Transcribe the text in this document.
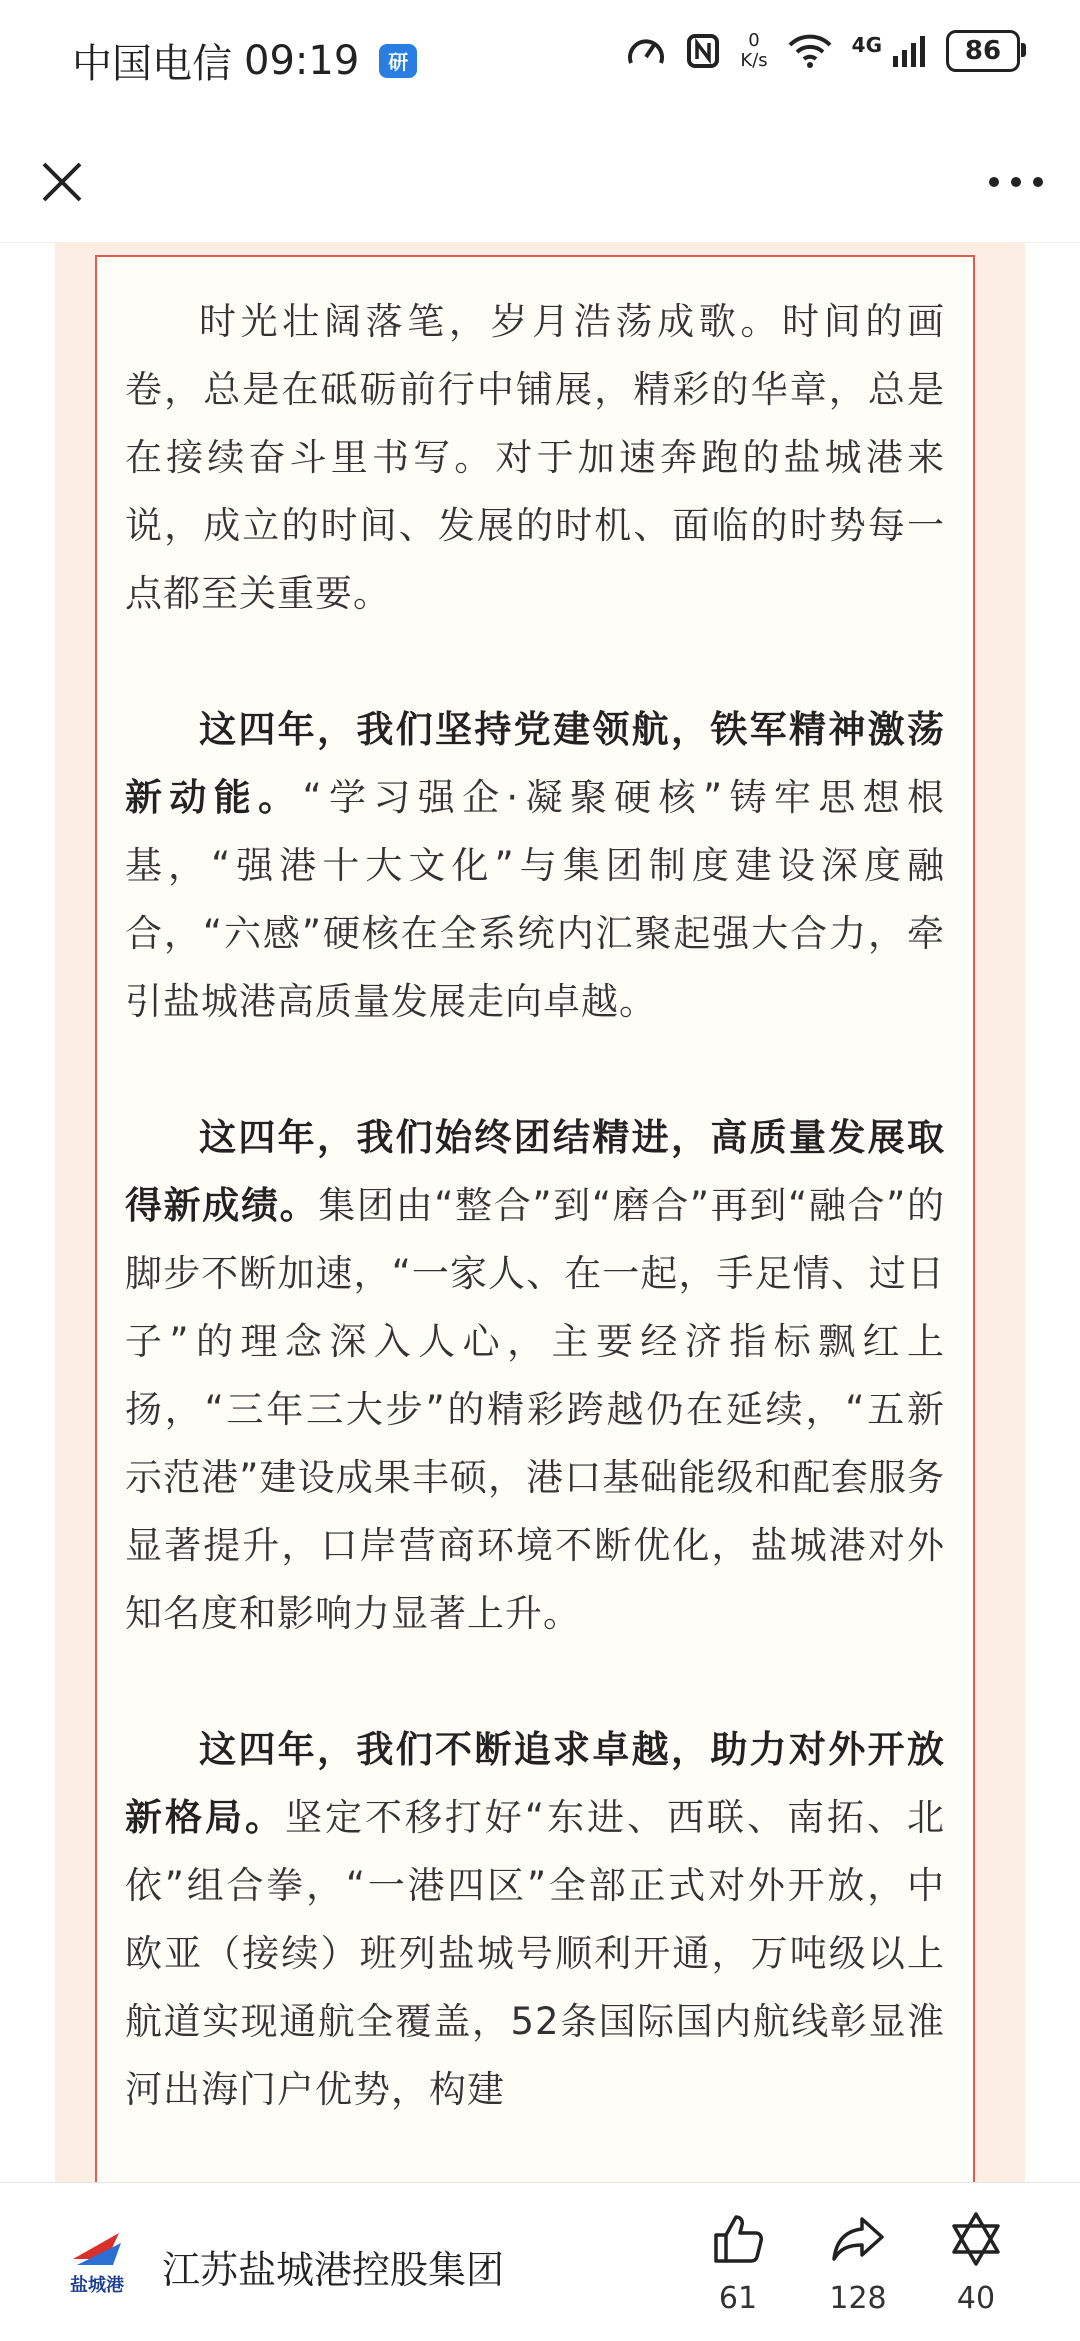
中国电信 09:19	研
0
K/s
4G	86

时光壮阔落笔，岁月浩荡成歌。时间的画卷，总是在砥砺前行中铺展，精彩的华章，总是在接续奋斗里书写。对于加速奔跑的盐城港来说，成立的时间、发展的时机、面临的时势每一点都至关重要。

这四年，我们坚持党建领航，铁军精神激荡新动能。“学习强企·凝聚硬核”铸牢思想根基，“强港十大文化”与集团制度建设深度融合，“六感”硬核在全系统内汇聚起强大合力，牵引盐城港高质量发展走向卓越。

这四年，我们始终团结精进，高质量发展取得新成绩。集团由“整合”到“磨合”再到“融合”的脚步不断加速，“一家人、在一起，手足情、过日子”的理念深入人心，主要经济指标飘红上扬，“三年三大步”的精彩跨越仍在延续，“五新示范港”建设成果丰硕，港口基础能级和配套服务显著提升，口岸营商环境不断优化，盐城港对外知名度和影响力显著上升。

这四年，我们不断追求卓越，助力对外开放新格局。坚定不移打好“东进、西联、南拓、北依”组合拳，“一港四区”全部正式对外开放，中欧亚（接续）班列盐城号顺利开通，万吨级以上航道实现通航全覆盖，52条国际国内航线彰显淮河出海门户优势，构建

盐城港 江苏盐城港控股集团
61 128 40
